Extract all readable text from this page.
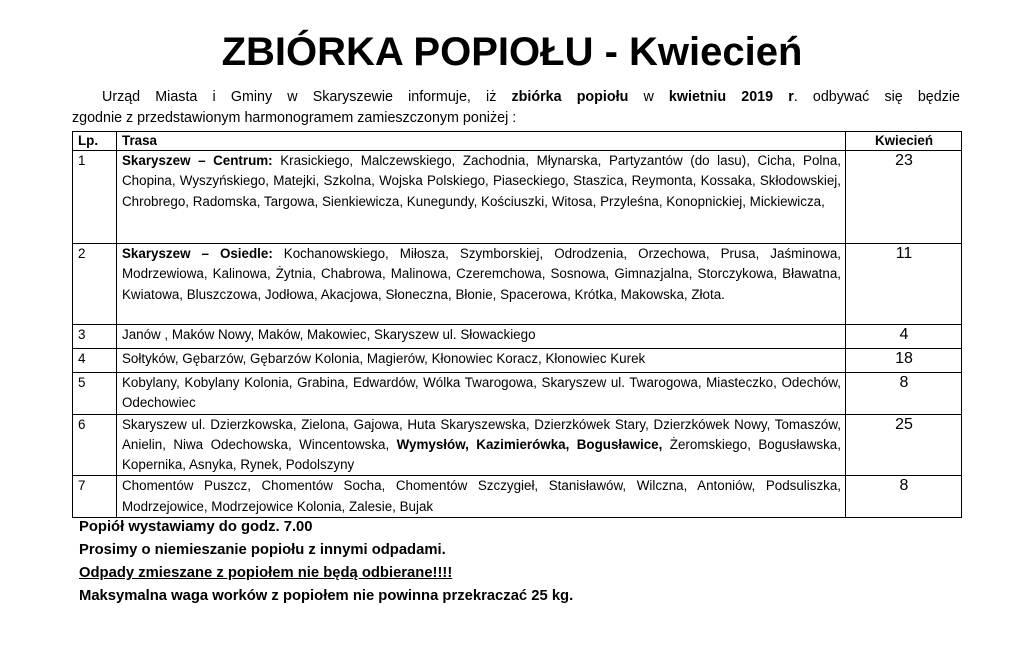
ZBIÓRKA POPIOŁU - Kwiecień
Urząd Miasta i Gminy w Skaryszewie informuje, iż zbiórka popiołu w kwietniu 2019 r. odbywać się będzie
zgodnie z przedstawionym harmonogramem zamieszczonym poniżej :
Lp.	Trasa	Kwiecień
1	Skaryszew – Centrum: Krasickiego, Malczewskiego, Zachodnia, Młynarska, Partyzantów (do lasu), Cicha, Polna, Chopina, Wyszyńskiego, Matejki, Szkolna, Wojska Polskiego, Piaseckiego, Staszica, Reymonta, Kossaka, Skłodowskiej, Chrobrego, Radomska, Targowa, Sienkiewicza, Kunegundy, Kościuszki, Witosa, Przyleśna, Konopnickiej, Mickiewicza,	23
2	Skaryszew – Osiedle: Kochanowskiego, Miłosza, Szymborskiej, Odrodzenia, Orzechowa, Prusa, Jaśminowa, Modrzewiowa, Kalinowa, Żytnia, Chabrowa, Malinowa, Czeremchowa, Sosnowa, Gimnazjalna, Storczykowa, Bławatna, Kwiatowa, Bluszczowa, Jodłowa, Akacjowa, Słoneczna, Błonie, Spacerowa, Krótka, Makowska, Złota.	11
3	Janów , Maków Nowy, Maków, Makowiec, Skaryszew ul. Słowackiego	4
4	Sołtyków, Gębarzów, Gębarzów Kolonia, Magierów, Kłonowiec Koracz, Kłonowiec Kurek	18
5	Kobylany, Kobylany Kolonia, Grabina, Edwardów, Wólka Twarogowa, Skaryszew ul. Twarogowa, Miasteczko, Odechów, Odechowiec	8
6	Skaryszew ul. Dzierzkowska, Zielona, Gajowa, Huta Skaryszewska, Dzierzkówek Stary, Dzierzkówek Nowy, Tomaszów, Anielin, Niwa Odechowska, Wincentowska, Wymysłów, Kazimierówka, Bogusławice, Żeromskiego, Bogusławska, Kopernika, Asnyka, Rynek, Podolszyny	25
7	Chomentów Puszcz, Chomentów Socha, Chomentów Szczygieł, Stanisławów, Wilczna, Antoniów, Podsuliszka, Modrzejowice, Modrzejowice Kolonia, Zalesie, Bujak	8
Popiół wystawiamy do godz. 7.00
Prosimy o niemieszanie popiołu z innymi odpadami.
Odpady zmieszane z popiołem nie będą odbierane!!!!
Maksymalna waga worków z popiołem nie powinna przekraczać 25 kg.
